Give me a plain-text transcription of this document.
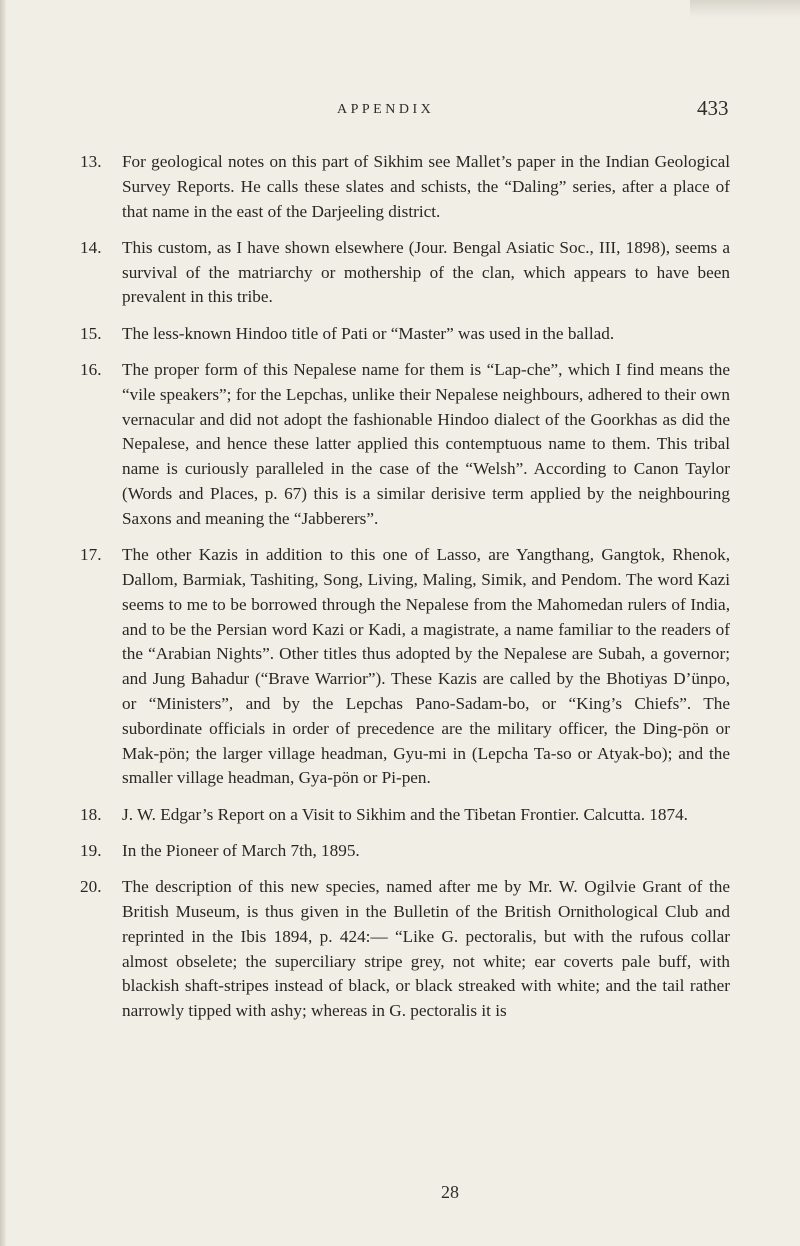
APPENDIX	433
13. For geological notes on this part of Sikhim see Mallet’s paper in the Indian Geological Survey Reports. He calls these slates and schists, the “Daling” series, after a place of that name in the east of the Darjeeling district.
14. This custom, as I have shown elsewhere (Jour. Bengal Asiatic Soc., III, 1898), seems a survival of the matriarchy or mothership of the clan, which appears to have been prevalent in this tribe.
15. The less-known Hindoo title of Pati or “Master” was used in the ballad.
16. The proper form of this Nepalese name for them is “Lap-che”, which I find means the “vile speakers”; for the Lepchas, unlike their Nepalese neighbours, adhered to their own vernacular and did not adopt the fashionable Hindoo dialect of the Goorkhas as did the Nepalese, and hence these latter applied this contemptuous name to them. This tribal name is curiously paralleled in the case of the “Welsh”. According to Canon Taylor (Words and Places, p. 67) this is a similar derisive term applied by the neighbouring Saxons and meaning the “Jabberers”.
17. The other Kazis in addition to this one of Lasso, are Yangthang, Gangtok, Rhenok, Dallom, Barmiak, Tashiting, Song, Living, Maling, Simik, and Pendom. The word Kazi seems to me to be borrowed through the Nepalese from the Mahomedan rulers of India, and to be the Persian word Kazi or Kadi, a magistrate, a name familiar to the readers of the “Arabian Nights”. Other titles thus adopted by the Nepalese are Subah, a governor; and Jung Bahadur (“Brave Warrior”). These Kazis are called by the Bhotiyas D’ünpo, or “Ministers”, and by the Lepchas Pano-Sadam-bo, or “King’s Chiefs”. The subordinate officials in order of precedence are the military officer, the Ding-pön or Mak-pön; the larger village headman, Gyu-mi in (Lepcha Ta-so or Atyak-bo); and the smaller village headman, Gya-pön or Pi-pen.
18. J. W. Edgar’s Report on a Visit to Sikhim and the Tibetan Frontier. Calcutta. 1874.
19. In the Pioneer of March 7th, 1895.
20. The description of this new species, named after me by Mr. W. Ogilvie Grant of the British Museum, is thus given in the Bulletin of the British Ornithological Club and reprinted in the Ibis 1894, p. 424:— “Like G. pectoralis, but with the rufous collar almost obselete; the superciliary stripe grey, not white; ear coverts pale buff, with blackish shaft-stripes instead of black, or black streaked with white; and the tail rather narrowly tipped with ashy; whereas in G. pectoralis it is
28
